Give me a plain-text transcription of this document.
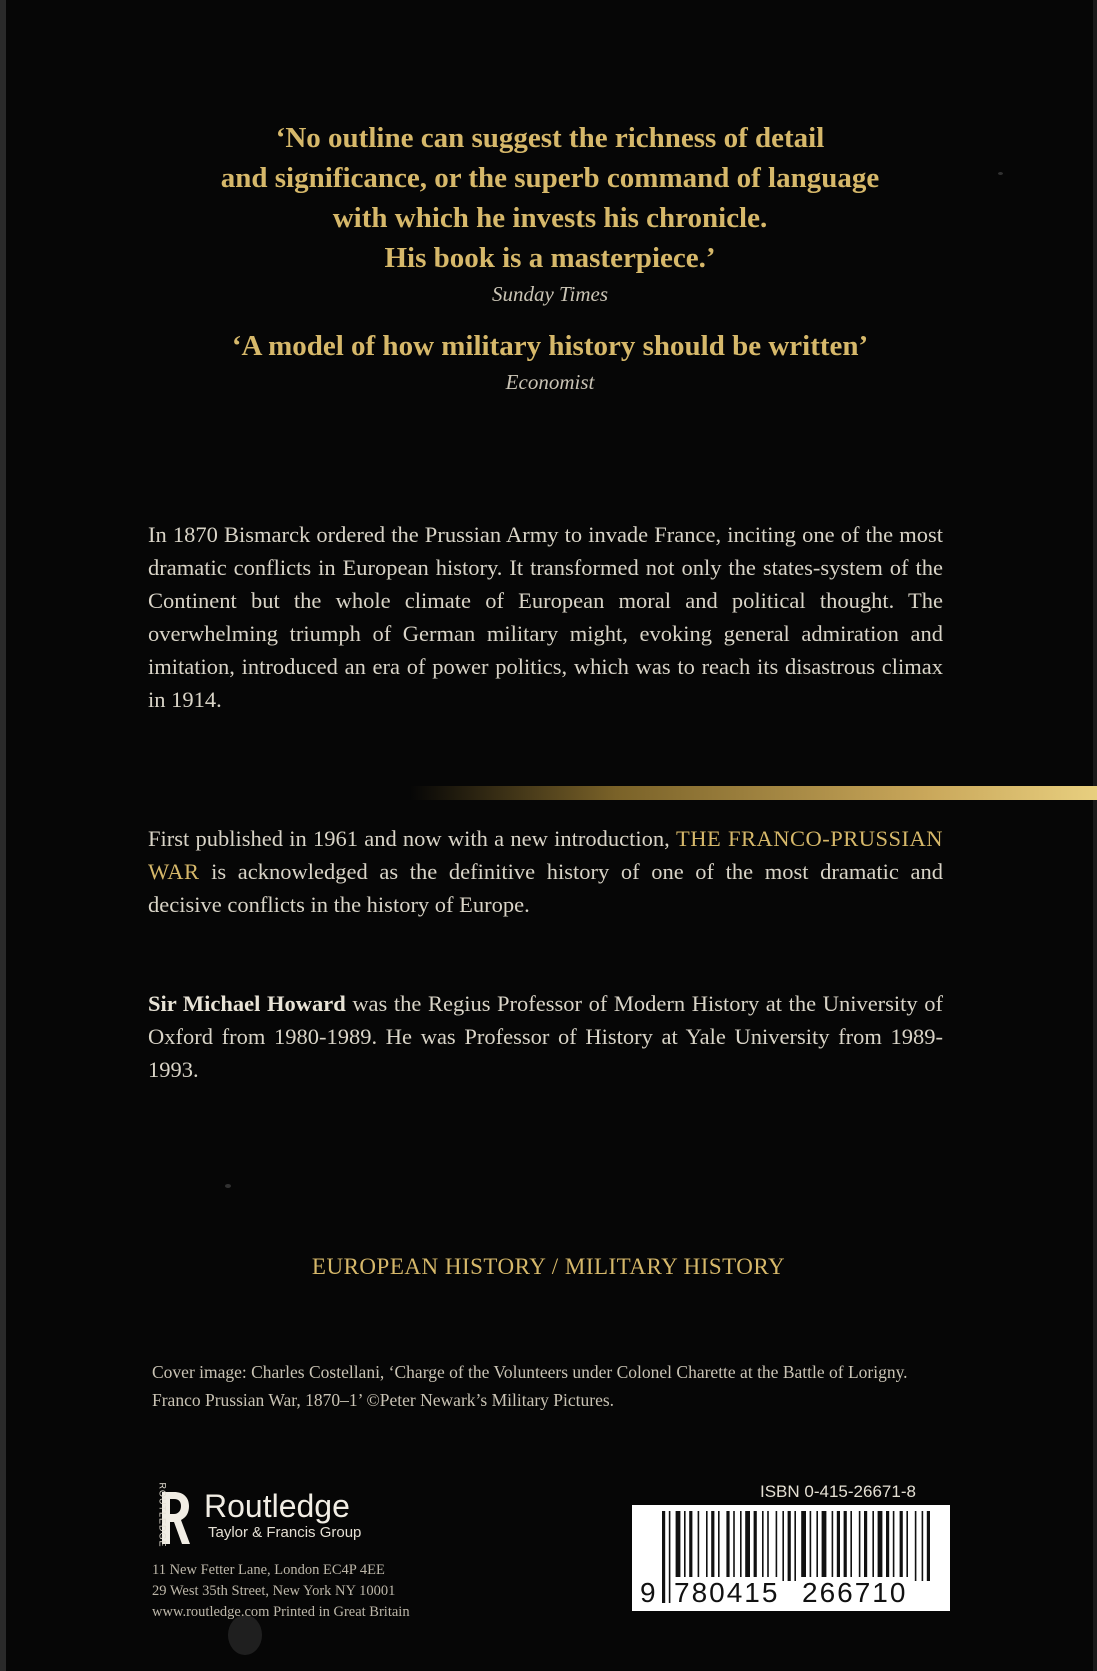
‘No outline can suggest the richness of detail
and significance, or the superb command of language
with which he invests his chronicle.
His book is a masterpiece.’

Sunday Times

‘A model of how military history should be written’

Economist

In 1870 Bismarck ordered the Prussian Army to invade France, inciting one of the most dramatic conflicts in European history. It transformed not only the states-system of the Continent but the whole climate of European moral and political thought. The overwhelming triumph of German military might, evoking general admiration and imitation, introduced an era of power politics, which was to reach its disastrous climax in 1914.

First published in 1961 and now with a new introduction, THE FRANCO-PRUSSIAN WAR is acknowledged as the definitive history of one of the most dramatic and decisive conflicts in the history of Europe.

Sir Michael Howard was the Regius Professor of Modern History at the University of Oxford from 1980-1989. He was Professor of History at Yale University from 1989-1993.

EUROPEAN HISTORY / MILITARY HISTORY

Cover image: Charles Costellani, ‘Charge of the Volunteers under Colonel Charette at the Battle of Lorigny. Franco Prussian War, 1870–1’ ©Peter Newark’s Military Pictures.

ROUTLEDGE Routledge
Taylor & Francis Group

11 New Fetter Lane, London EC4P 4EE
29 West 35th Street, New York NY 10001
www.routledge.com Printed in Great Britain

ISBN 0-415-26671-8
9 780415 266710
